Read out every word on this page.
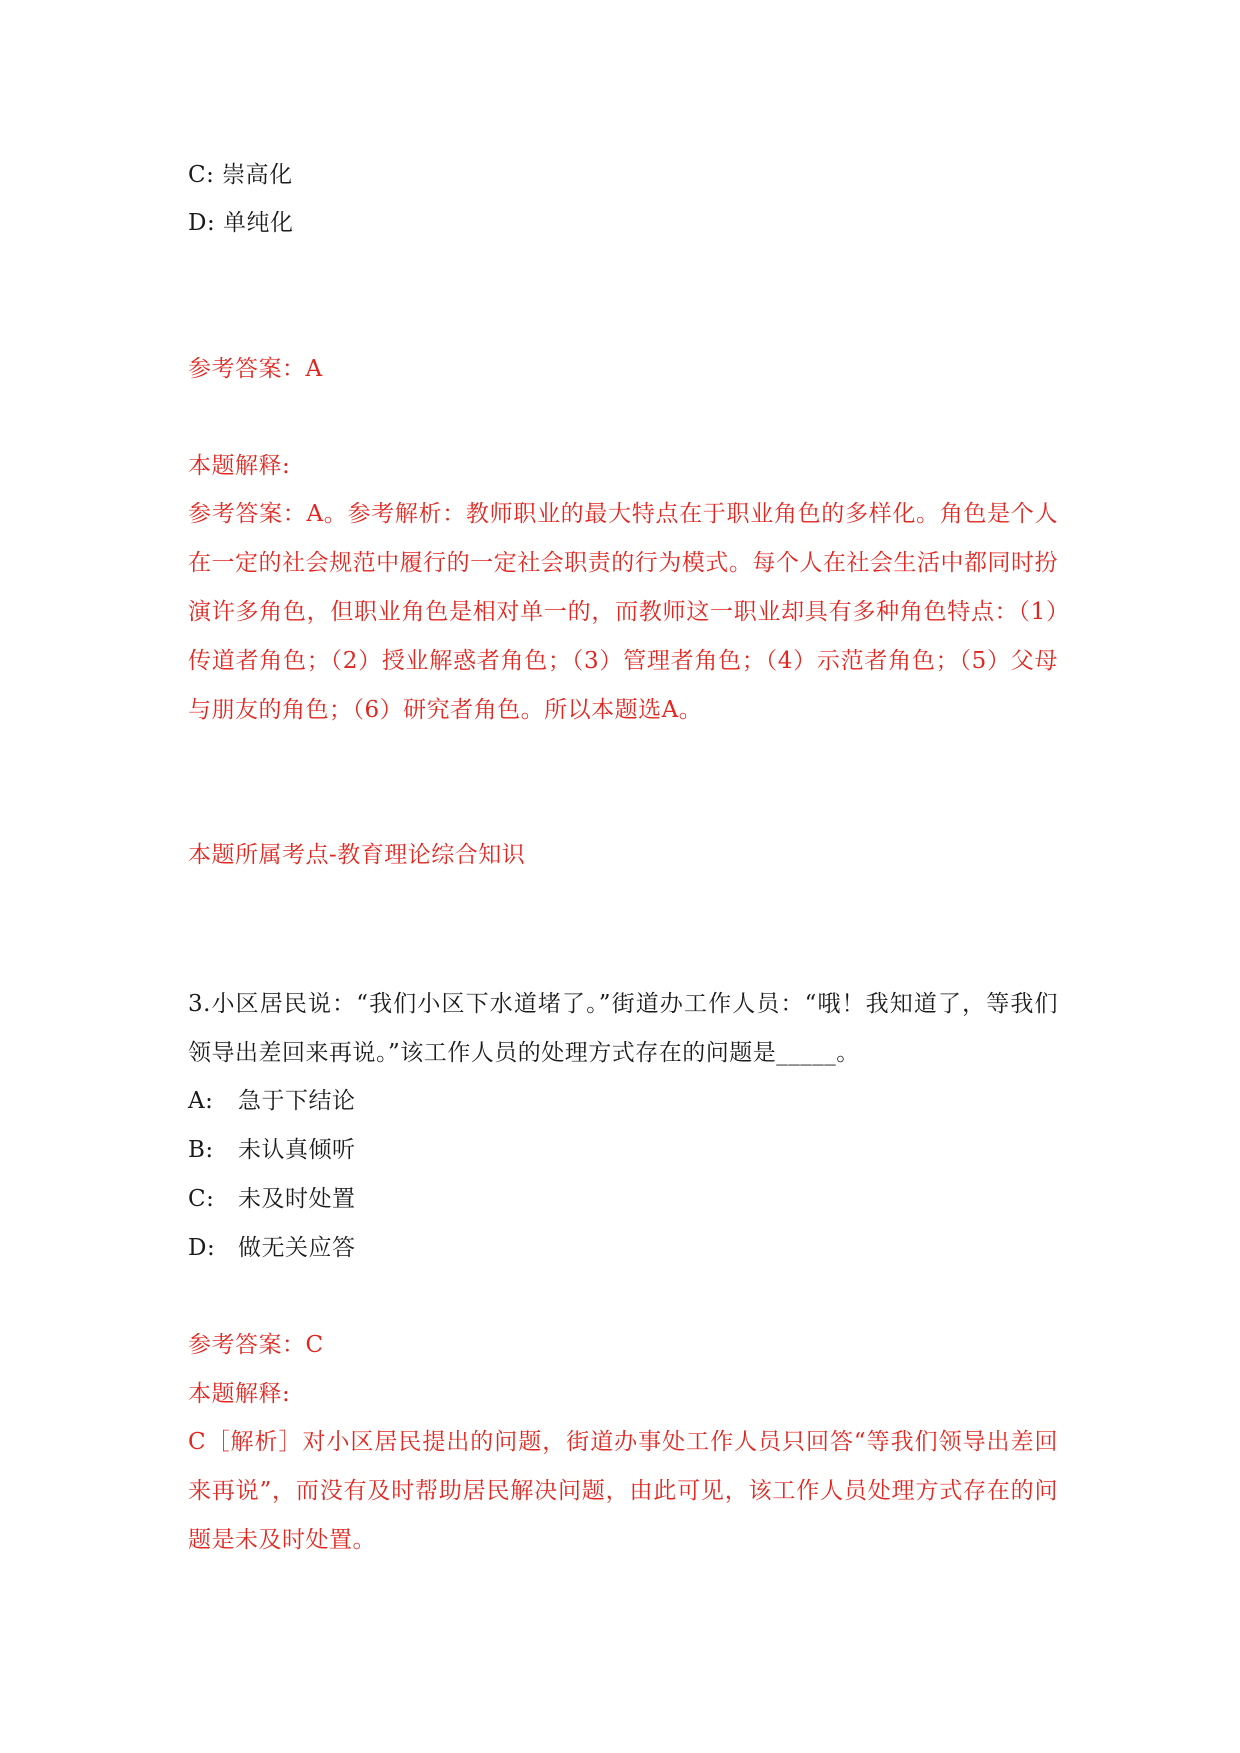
C: 崇高化
D: 单纯化
参考答案：A
本题解释:
参考答案：A。参考解析：教师职业的最大特点在于职业角色的多样化。角色是个人在一定的社会规范中履行的一定社会职责的行为模式。每个人在社会生活中都同时扮演许多角色，但职业角色是相对单一的，而教师这一职业却具有多种角色特点：（1）传道者角色；（2）授业解惑者角色；（3）管理者角色；（4）示范者角色；（5）父母与朋友的角色；（6）研究者角色。所以本题选A。
本题所属考点-教育理论综合知识
3.小区居民说：“我们小区下水道堵了。”街道办工作人员：“哦！我知道了，等我们领导出差回来再说。”该工作人员的处理方式存在的问题是_____。
A: 急于下结论
B: 未认真倾听
C: 未及时处置
D: 做无关应答
参考答案：C
本题解释:
C［解析］对小区居民提出的问题，街道办事处工作人员只回答“等我们领导出差回来再说”，而没有及时帮助居民解决问题，由此可见，该工作人员处理方式存在的问题是未及时处置。
